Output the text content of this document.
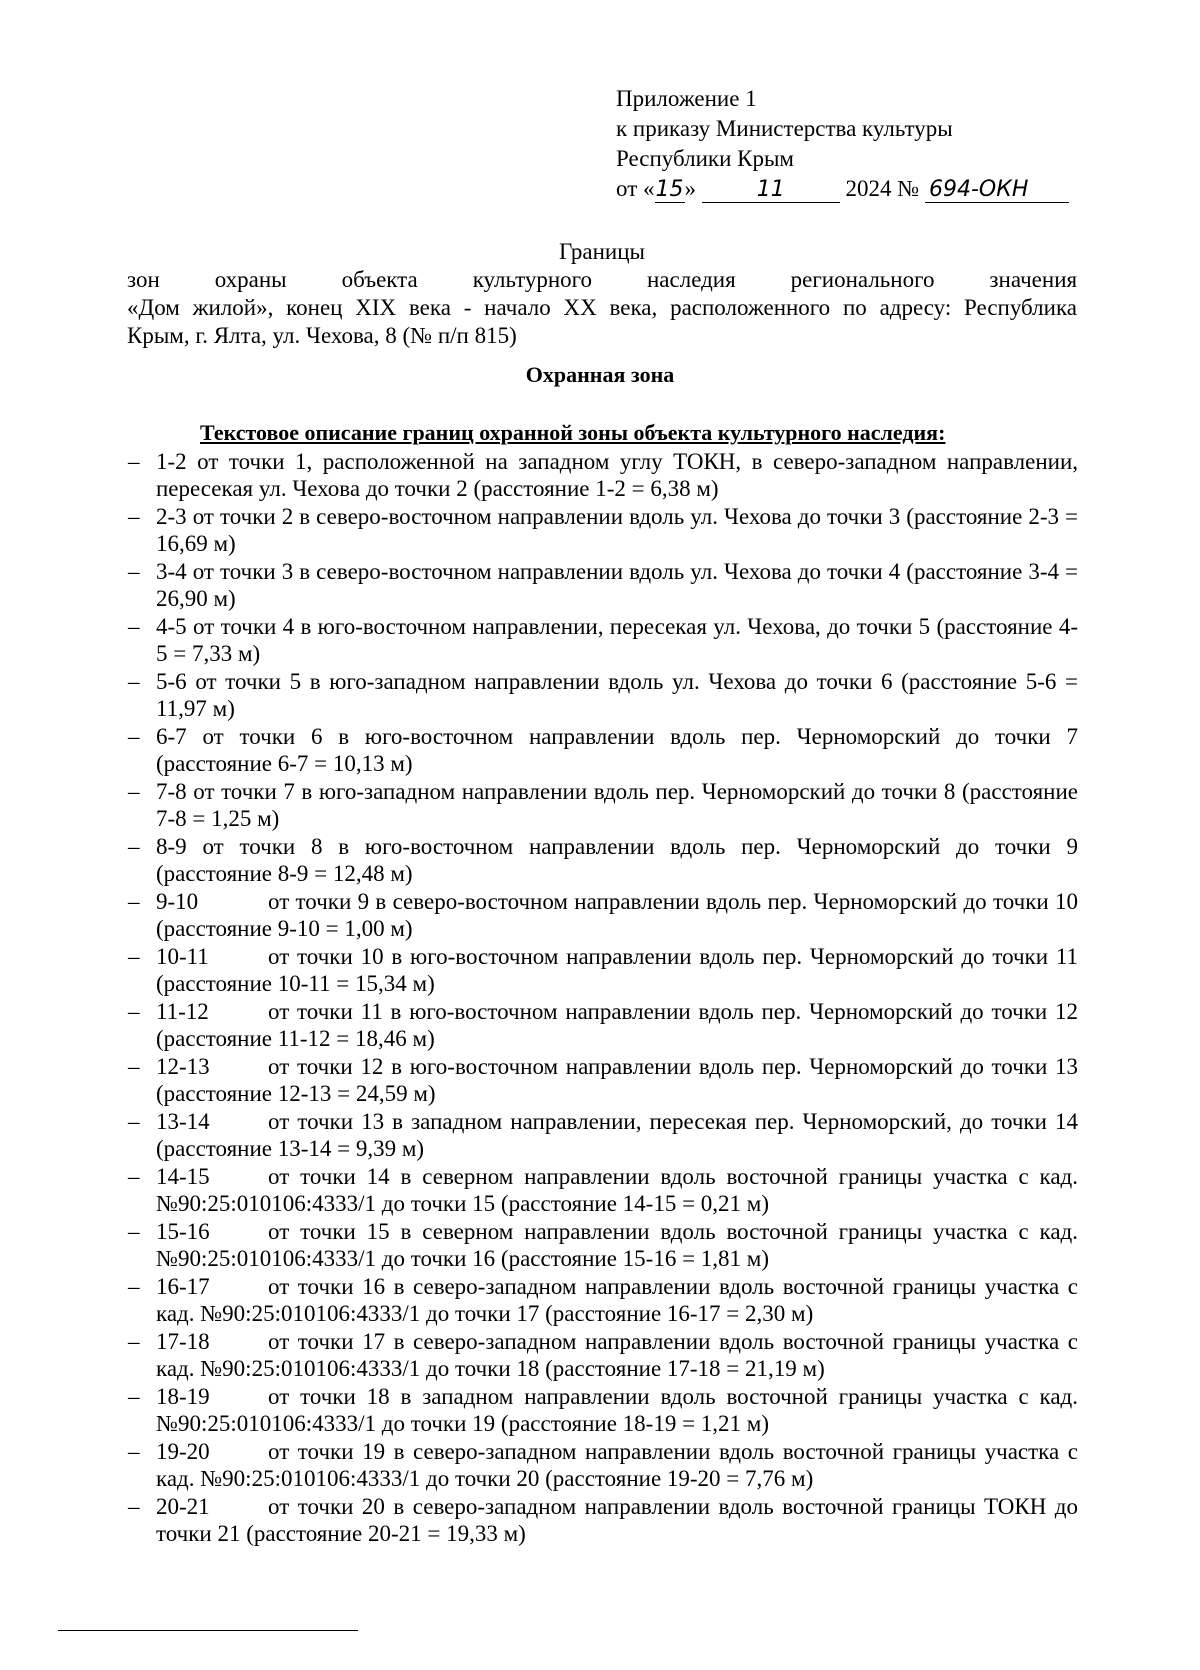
Приложение 1
к приказу Министерства культуры
Республики Крым
от «15»	11	2024 № 694-ОКН
Границы
зон охраны объекта культурного наследия регионального значения
«Дом жилой», конец XIX века - начало XX века, расположенного по адресу: Республика
Крым, г. Ялта, ул. Чехова, 8 (№ п/п 815)
Охранная зона
Текстовое описание границ охранной зоны объекта культурного наследия:
– 1-2 от точки 1, расположенной на западном углу ТОКН, в северо-западном направлении, пересекая ул. Чехова до точки 2 (расстояние 1-2 = 6,38 м)
– 2-3 от точки 2 в северо-восточном направлении вдоль ул. Чехова до точки 3 (расстояние 2-3 = 16,69 м)
– 3-4 от точки 3 в северо-восточном направлении вдоль ул. Чехова до точки 4 (расстояние 3-4 = 26,90 м)
– 4-5 от точки 4 в юго-восточном направлении, пересекая ул. Чехова, до точки 5 (расстояние 4-5 = 7,33 м)
– 5-6 от точки 5 в юго-западном направлении вдоль ул. Чехова до точки 6 (расстояние 5-6 = 11,97 м)
– 6-7 от точки 6 в юго-восточном направлении вдоль пер. Черноморский до точки 7 (расстояние 6-7 = 10,13 м)
– 7-8 от точки 7 в юго-западном направлении вдоль пер. Черноморский до точки 8 (расстояние 7-8 = 1,25 м)
– 8-9 от точки 8 в юго-восточном направлении вдоль пер. Черноморский до точки 9 (расстояние 8-9 = 12,48 м)
– 9-10	от точки 9 в северо-восточном направлении вдоль пер. Черноморский до точки 10 (расстояние 9-10 = 1,00 м)
– 10-11	от точки 10 в юго-восточном направлении вдоль пер. Черноморский до точки 11 (расстояние 10-11 = 15,34 м)
– 11-12	от точки 11 в юго-восточном направлении вдоль пер. Черноморский до точки 12 (расстояние 11-12 = 18,46 м)
– 12-13	от точки 12 в юго-восточном направлении вдоль пер. Черноморский до точки 13 (расстояние 12-13 = 24,59 м)
– 13-14	от точки 13 в западном направлении, пересекая пер. Черноморский, до точки 14 (расстояние 13-14 = 9,39 м)
– 14-15	от точки 14 в северном направлении вдоль восточной границы участка с кад. №90:25:010106:4333/1 до точки 15 (расстояние 14-15 = 0,21 м)
– 15-16	от точки 15 в северном направлении вдоль восточной границы участка с кад. №90:25:010106:4333/1 до точки 16 (расстояние 15-16 = 1,81 м)
– 16-17	от точки 16 в северо-западном направлении вдоль восточной границы участка с кад. №90:25:010106:4333/1 до точки 17 (расстояние 16-17 = 2,30 м)
– 17-18	от точки 17 в северо-западном направлении вдоль восточной границы участка с кад. №90:25:010106:4333/1 до точки 18 (расстояние 17-18 = 21,19 м)
– 18-19	от точки 18 в западном направлении вдоль восточной границы участка с кад. №90:25:010106:4333/1 до точки 19 (расстояние 18-19 = 1,21 м)
– 19-20	от точки 19 в северо-западном направлении вдоль восточной границы участка с кад. №90:25:010106:4333/1 до точки 20 (расстояние 19-20 = 7,76 м)
– 20-21	от точки 20 в северо-западном направлении вдоль восточной границы ТОКН до точки 21 (расстояние 20-21 = 19,33 м)
